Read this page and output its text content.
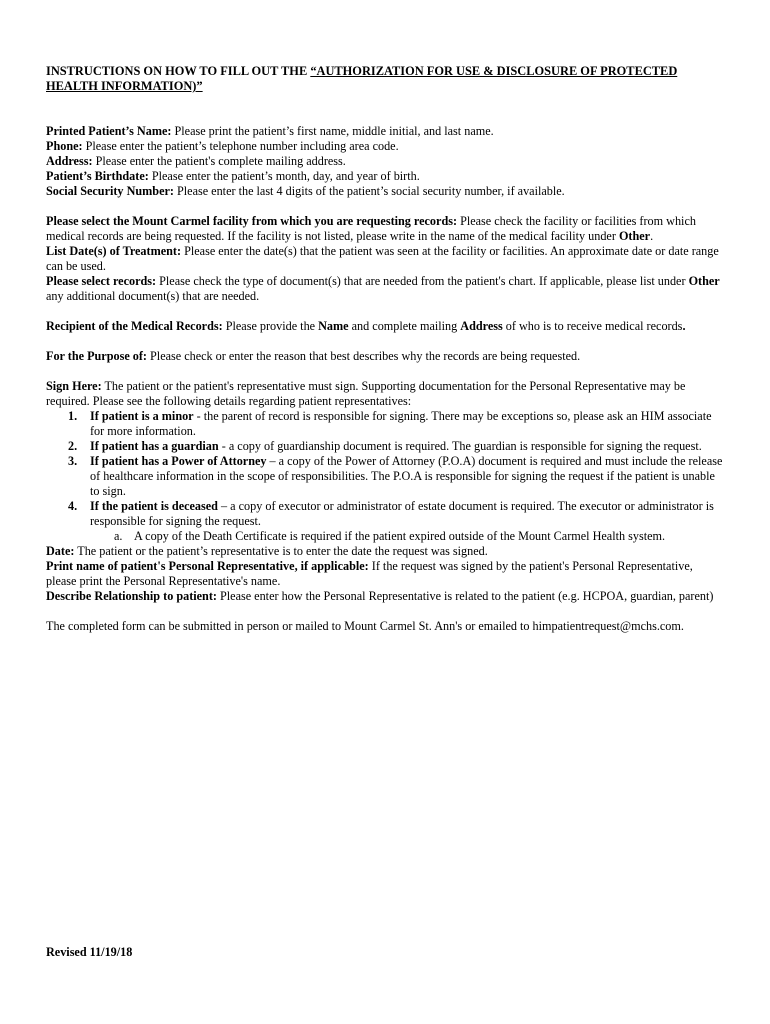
INSTRUCTIONS ON HOW TO FILL OUT THE “AUTHORIZATION FOR USE & DISCLOSURE OF PROTECTED
HEALTH INFORMATION)”

Printed Patient’s Name: Please print the patient’s first name, middle initial, and last name.

Phone: Please enter the patient’s telephone number including area code.

Address: Please enter the patient's complete mailing address.

Patient’s Birthdate: Please enter the patient’s month, day, and year of birth.

Social Security Number: Please enter the last 4 digits of the patient’s social security number, if available.

Please select the Mount Carmel facility from which you are requesting records: Please check the facility or facilities from which medical records are being requested. If the facility is not listed, please write in the name of the medical facility under Other.

List Date(s) of Treatment: Please enter the date(s) that the patient was seen at the facility or facilities. An approximate date or date range can be used.

Please select records: Please check the type of document(s) that are needed from the patient's chart. If applicable, please list under Other any additional document(s) that are needed.

Recipient of the Medical Records: Please provide the Name and complete mailing Address of who is to receive medical records.

For the Purpose of: Please check or enter the reason that best describes why the records are being requested.

Sign Here: The patient or the patient's representative must sign. Supporting documentation for the Personal Representative may be required. Please see the following details regarding patient representatives:

1. If patient is a minor - the parent of record is responsible for signing. There may be exceptions so, please ask an HIM associate for more information.
2. If patient has a guardian - a copy of guardianship document is required. The guardian is responsible for signing the request.
3. If patient has a Power of Attorney – a copy of the Power of Attorney (P.O.A) document is required and must include the release of healthcare information in the scope of responsibilities. The P.O.A is responsible for signing the request if the patient is unable to sign.
4. If the patient is deceased – a copy of executor or administrator of estate document is required. The executor or administrator is responsible for signing the request.

a. A copy of the Death Certificate is required if the patient expired outside of the Mount Carmel Health system.

Date: The patient or the patient’s representative is to enter the date the request was signed.

Print name of patient's Personal Representative, if applicable: If the request was signed by the patient's Personal Representative, please print the Personal Representative's name.

Describe Relationship to patient: Please enter how the Personal Representative is related to the patient (e.g. HCPOA, guardian, parent)

The completed form can be submitted in person or mailed to Mount Carmel St. Ann's or emailed to himpatientrequest@mchs.com.

Revised 11/19/18
